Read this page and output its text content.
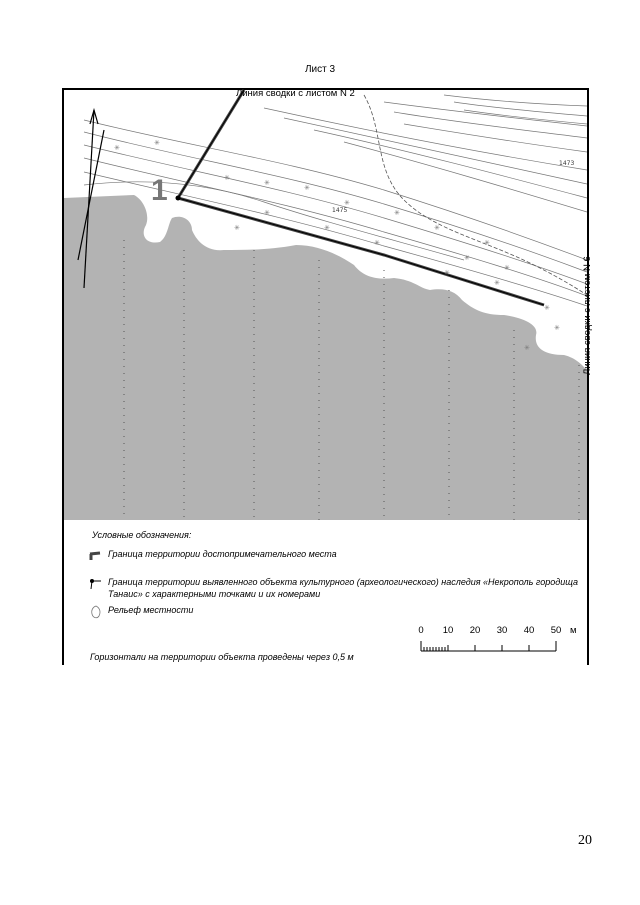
Лист 3
✳
✳
✳
✳
✳
✳
✳
✳
✳
✳
✳
✳
✳
✳
✳
✳
✳
✳
✳
✳
1473
1475
Линия сводки с листом N 2
Линия сводки с листом N 6
1
Условные обозначения:
Граница территории достопримечательного места
Граница территории выявленного объекта культурного (археологического) наследия «Некрополь городища Танаис» с характерными точками и их номерами
Рельеф местности
0 10 20 30 40 50 м
Горизонтали на территории объекта проведены через 0,5 м
20
